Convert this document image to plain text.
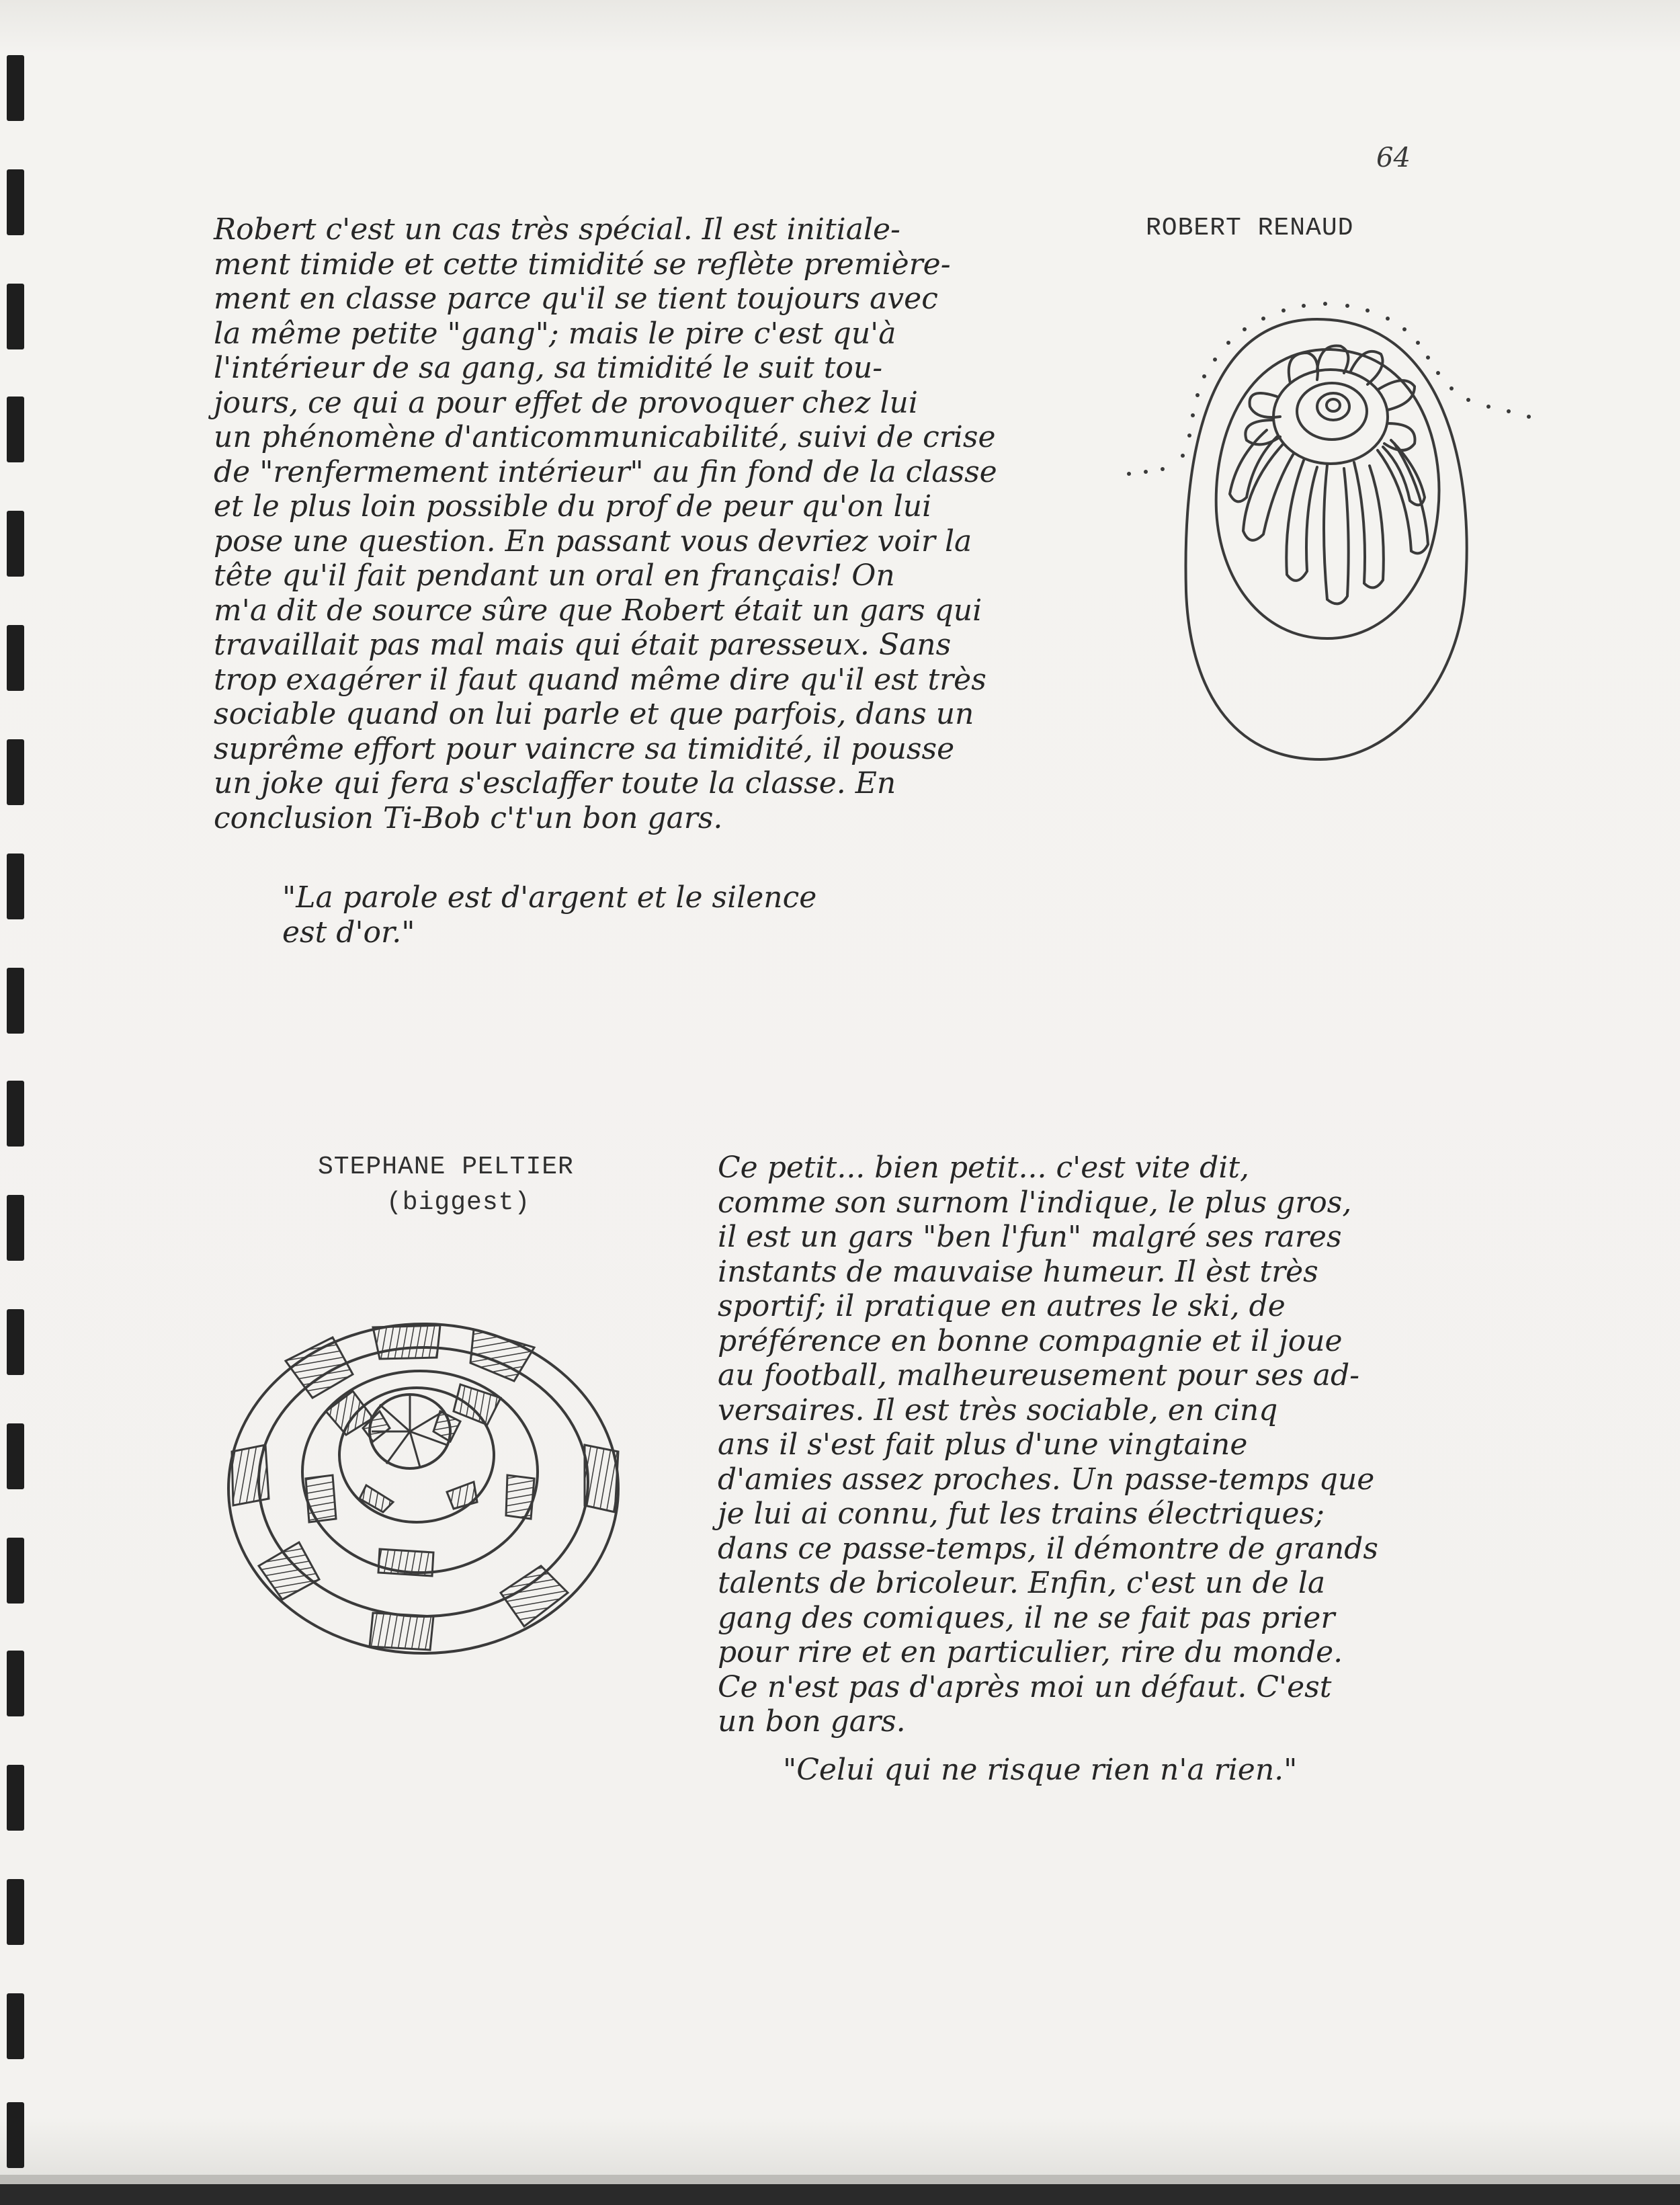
64
ROBERT RENAUD
Robert c'est un cas très spécial. Il est initiale-
ment timide et cette timidité se reflète première-
ment en classe parce qu'il se tient toujours avec
la même petite "gang"; mais le pire c'est qu'à
l'intérieur de sa gang, sa timidité le suit tou-
jours, ce qui a pour effet de provoquer chez lui
un phénomène d'anticommunicabilité, suivi de crise
de "renfermement intérieur" au fin fond de la classe
et le plus loin possible du prof de peur qu'on lui
pose une question. En passant vous devriez voir la
tête qu'il fait pendant un oral en français! On
m'a dit de source sûre que Robert était un gars qui
travaillait pas mal mais qui était paresseux. Sans
trop exagérer il faut quand même dire qu'il est très
sociable quand on lui parle et que parfois, dans un
suprême effort pour vaincre sa timidité, il pousse
un joke qui fera s'esclaffer toute la classe. En
conclusion Ti-Bob c't'un bon gars.
"La parole est d'argent et le silence
est d'or."
STEPHANE PELTIER
(biggest)
Ce petit... bien petit... c'est vite dit,
comme son surnom l'indique, le plus gros,
il est un gars "ben l'fun" malgré ses rares
instants de mauvaise humeur. Il èst très
sportif; il pratique en autres le ski, de
préférence en bonne compagnie et il joue
au football, malheureusement pour ses ad-
versaires. Il est très sociable, en cinq
ans il s'est fait plus d'une vingtaine
d'amies assez proches. Un passe-temps que
je lui ai connu, fut les trains électriques;
dans ce passe-temps, il démontre de grands
talents de bricoleur. Enfin, c'est un de la
gang des comiques, il ne se fait pas prier
pour rire et en particulier, rire du monde.
Ce n'est pas d'après moi un défaut. C'est
un bon gars.
"Celui qui ne risque rien n'a rien."
